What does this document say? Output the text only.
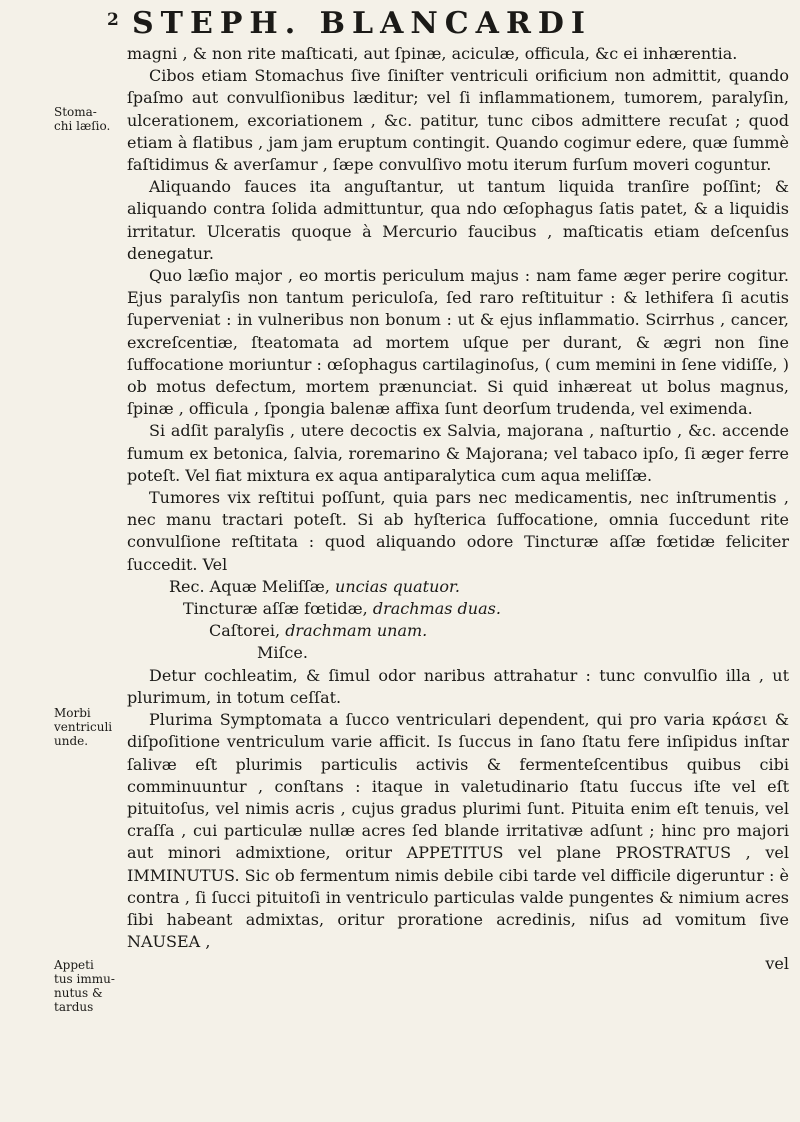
2 STEPH. BLANCARDI
Stoma-
chi læſio.
Morbi
ventriculi
unde.
Appeti
tus immu-
nutus &
tardus

magni , & non rite maſticati, aut ſpinæ, aciculæ, officula, &c ei inhærentia.

Cibos etiam Stomachus ſive ſiniſter ventriculi orificium non admittit, quando ſpaſmo aut convulſionibus læditur; vel ſi inflammationem, tumorem, paralyſin, ulcerationem, excoriationem , &c. patitur, tunc cibos admittere recuſat ; quod etiam à flatibus , jam jam eruptum contingit. Quando cogimur edere, quæ ſummè faſtidimus & averſamur , ſæpe convulſivo motu iterum furſum moveri coguntur.

Aliquando fauces ita anguſtantur, ut tantum liquida tranſire poſſint; & aliquando contra ſolida admittuntur, qua ndo œſophagus ſatis patet, & a liquidis irritatur. Ulceratis quoque à Mercurio faucibus , maſticatis etiam deſcenſus denegatur.

Quo læſio major , eo mortis periculum majus : nam fame æger perire cogitur. Ejus paralyſis non tantum periculoſa, ſed raro reſtituitur : & lethifera ſi acutis ſuperveniat : in vulneribus non bonum : ut & ejus inflammatio. Scirrhus , cancer, excreſcentiæ, ſteatomata ad mortem uſque per durant, & ægri non ſine ſuffocatione moriuntur : œſophagus cartilaginoſus, ( cum memini in ſene vidiſſe, ) ob motus defectum, mortem prænunciat. Si quid inhæreat ut bolus magnus, ſpinæ , officula , ſpongia balenæ affixa ſunt deorſum trudenda, vel eximenda.

Si adſit paralyſis , utere decoctis ex Salvia, majorana , naſturtio , &c. accende fumum ex betonica, ſalvia, roremarino & Majorana; vel tabaco ipſo, ſi æger ferre poteſt. Vel fiat mixtura ex aqua antiparalytica cum aqua meliſſæ.

Tumores vix reſtitui poſſunt, quia pars nec medicamentis, nec inſtrumentis , nec manu tractari poteſt. Si ab hyſterica ſuffocatione, omnia ſuccedunt rite convulſione reſtitata : quod aliquando odore Tincturæ aſſæ fœtidæ feliciter ſuccedit. Vel

Rec. Aquæ Meliſſæ, uncias quatuor.
Tincturæ aſſæ fœtidæ, drachmas duas.
Caſtorei, drachmam unam.
Miſce.

Detur cochleatim, & ſimul odor naribus attrahatur : tunc convulſio illa , ut plurimum, in totum ceſſat.

Plurima Symptomata a ſucco ventriculari dependent, qui pro varia κράσει & diſpoſitione ventriculum varie afficit. Is ſuccus in ſano ſtatu fere inſipidus inſtar ſalivæ eſt plurimis particulis activis & fermenteſcentibus quibus cibi comminuuntur , conſtans : itaque in valetudinario ſtatu ſuccus iſte vel eſt pituitoſus, vel nimis acris , cujus gradus plurimi ſunt. Pituita enim eſt tenuis, vel craſſa , cui particulæ nullæ acres ſed blande irritativæ adſunt ; hinc pro majori aut minori admixtione, oritur APPETITUS vel plane PROSTRATUS , vel IMMINUTUS. Sic ob fermentum nimis debile cibi tarde vel difficile digeruntur : è contra , ſi ſucci pituitoſi in ventriculo particulas valde pungentes & nimium acres ſibi habeant admixtas, oritur proratione acredinis, niſus ad vomitum ſive NAUSEA ,

vel
